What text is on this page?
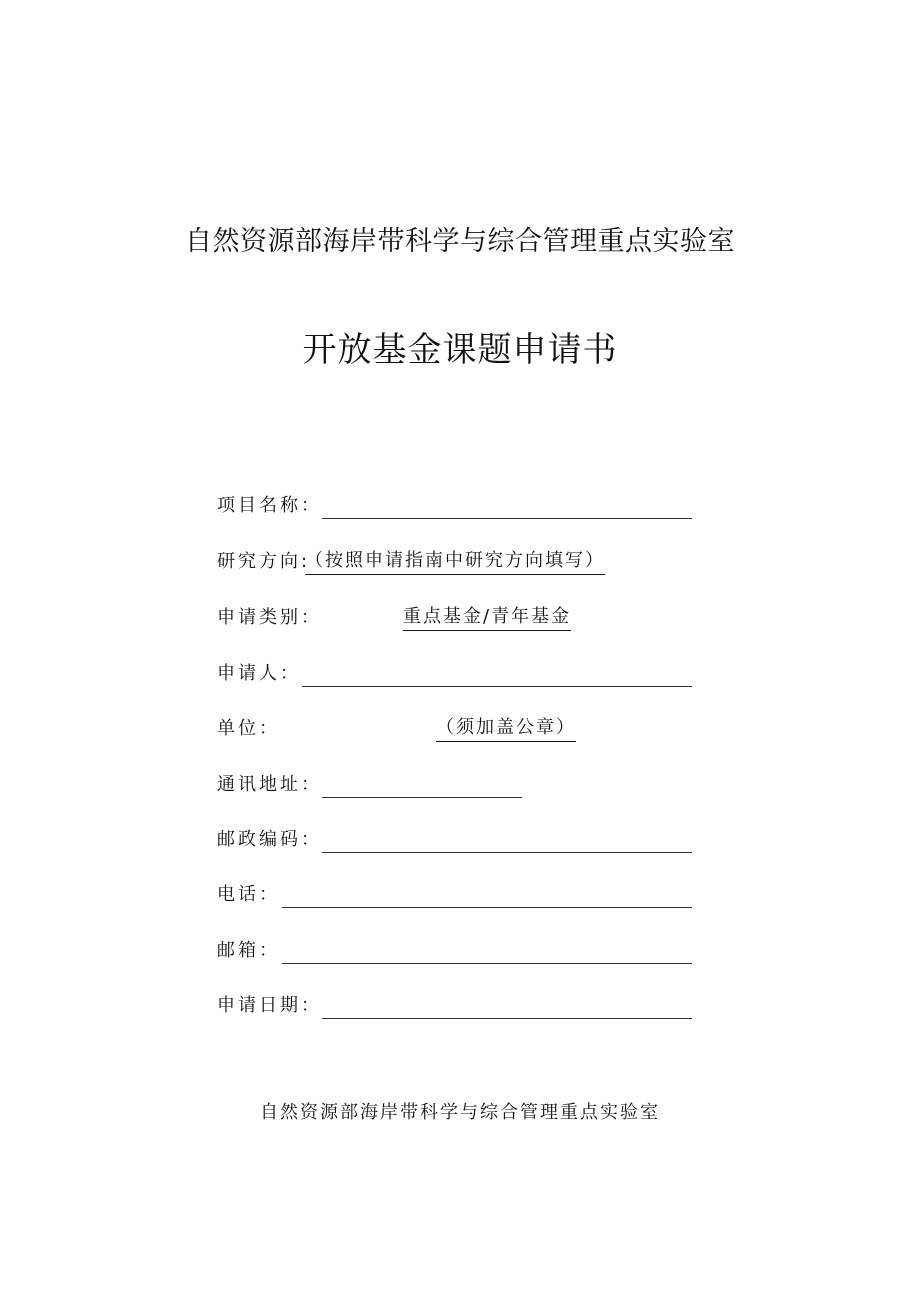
自然资源部海岸带科学与综合管理重点实验室
开放基金课题申请书
项目名称：
研究方向:
（按照申请指南中研究方向填写）
申请类别：	重点基金/青年基金
申请人：
单位：	（须加盖公章）
通讯地址：
邮政编码：
电话：
邮箱：
申请日期：

自然资源部海岸带科学与综合管理重点实验室
